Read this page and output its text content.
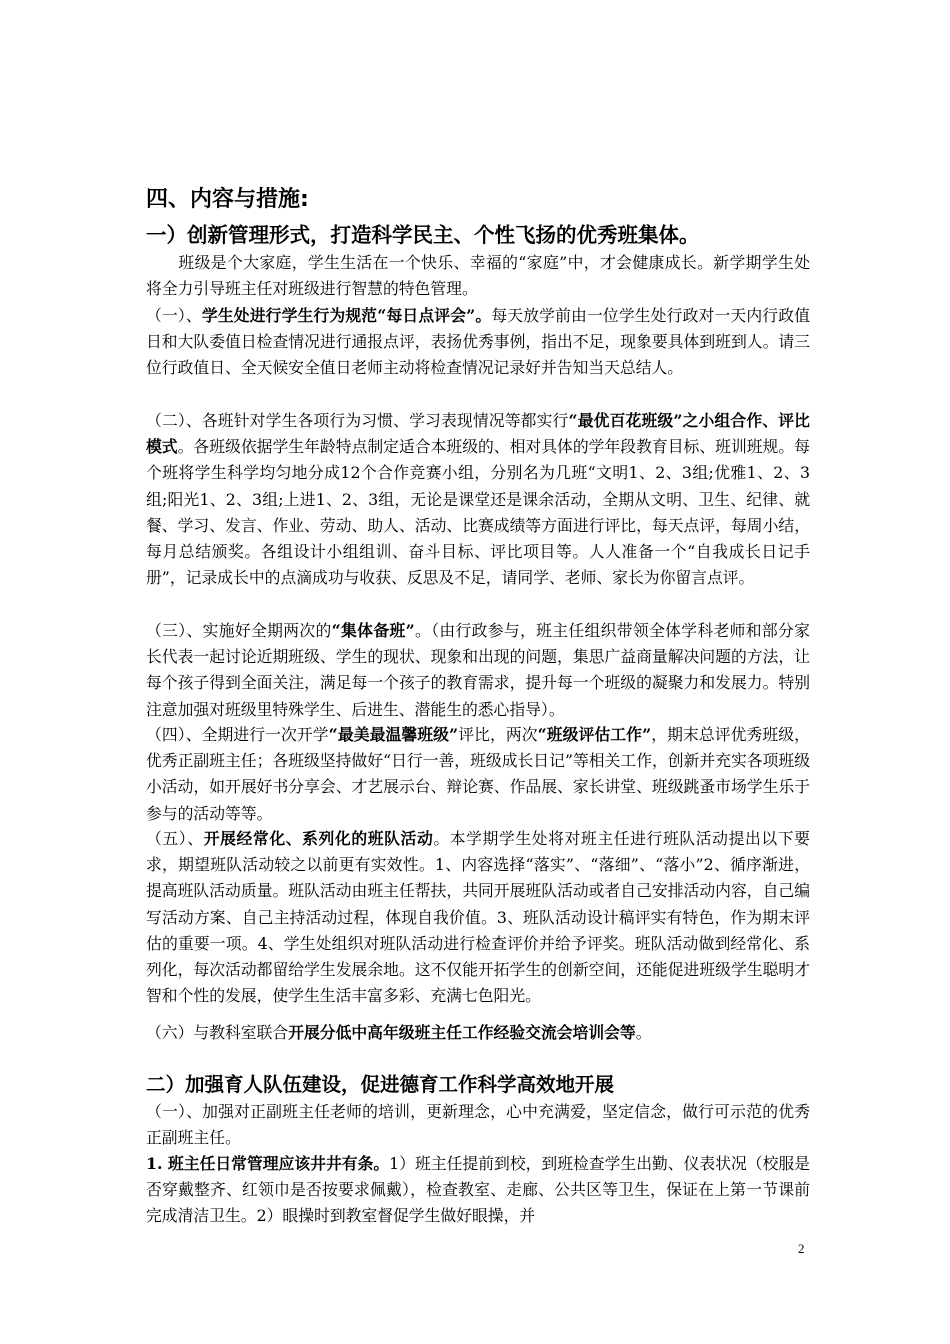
四、内容与措施:
一）创新管理形式，打造科学民主、个性飞扬的优秀班集体。

班级是个大家庭，学生生活在一个快乐、幸福的“家庭”中，才会健康成长。新学期学生处将全力引导班主任对班级进行智慧的特色管理。

（一）、学生处进行学生行为规范“每日点评会”。每天放学前由一位学生处行政对一天内行政值日和大队委值日检查情况进行通报点评，表扬优秀事例，指出不足，现象要具体到班到人。请三位行政值日、全天候安全值日老师主动将检查情况记录好并告知当天总结人。

（二）、各班针对学生各项行为习惯、学习表现情况等都实行“最优百花班级”之小组合作、评比模式。各班级依据学生年龄特点制定适合本班级的、相对具体的学年段教育目标、班训班规。每个班将学生科学均匀地分成12个合作竞赛小组，分别名为几班“文明1、2、3组;优雅1、2、3组;阳光1、2、3组;上进1、2、3组，无论是课堂还是课余活动，全期从文明、卫生、纪律、就餐、学习、发言、作业、劳动、助人、活动、比赛成绩等方面进行评比，每天点评，每周小结，每月总结颁奖。各组设计小组组训、奋斗目标、评比项目等。人人准备一个“自我成长日记手册”，记录成长中的点滴成功与收获、反思及不足，请同学、老师、家长为你留言点评。

（三）、实施好全期两次的“集体备班”。（由行政参与，班主任组织带领全体学科老师和部分家长代表一起讨论近期班级、学生的现状、现象和出现的问题，集思广益商量解决问题的方法，让每个孩子得到全面关注，满足每一个孩子的教育需求，提升每一个班级的凝聚力和发展力。特别注意加强对班级里特殊学生、后进生、潜能生的悉心指导）。

（四）、全期进行一次开学“最美最温馨班级”评比，两次“班级评估工作”，期末总评优秀班级，优秀正副班主任；各班级坚持做好“日行一善，班级成长日记”等相关工作，创新并充实各项班级小活动，如开展好书分享会、才艺展示台、辩论赛、作品展、家长讲堂、班级跳蚤市场学生乐于参与的活动等等。

（五）、开展经常化、系列化的班队活动。本学期学生处将对班主任进行班队活动提出以下要求，期望班队活动较之以前更有实效性。1、内容选择“落实”、“落细”、“落小”2、循序渐进，提高班队活动质量。班队活动由班主任帮扶，共同开展班队活动或者自己安排活动内容，自己编写活动方案、自己主持活动过程，体现自我价值。3、班队活动设计稿评实有特色，作为期末评估的重要一项。4、学生处组织对班队活动进行检查评价并给予评奖。班队活动做到经常化、系列化，每次活动都留给学生发展余地。这不仅能开拓学生的创新空间，还能促进班级学生聪明才智和个性的发展，使学生生活丰富多彩、充满七色阳光。

（六）与教科室联合开展分低中高年级班主任工作经验交流会培训会等。

二）加强育人队伍建设，促进德育工作科学高效地开展

（一）、加强对正副班主任老师的培训，更新理念，心中充满爱，坚定信念，做行可示范的优秀正副班主任。

1. 班主任日常管理应该井井有条。1）班主任提前到校，到班检查学生出勤、仪表状况（校服是否穿戴整齐、红领巾是否按要求佩戴），检查教室、走廊、公共区等卫生，保证在上第一节课前完成清洁卫生。2）眼操时到教室督促学生做好眼操，并

2
